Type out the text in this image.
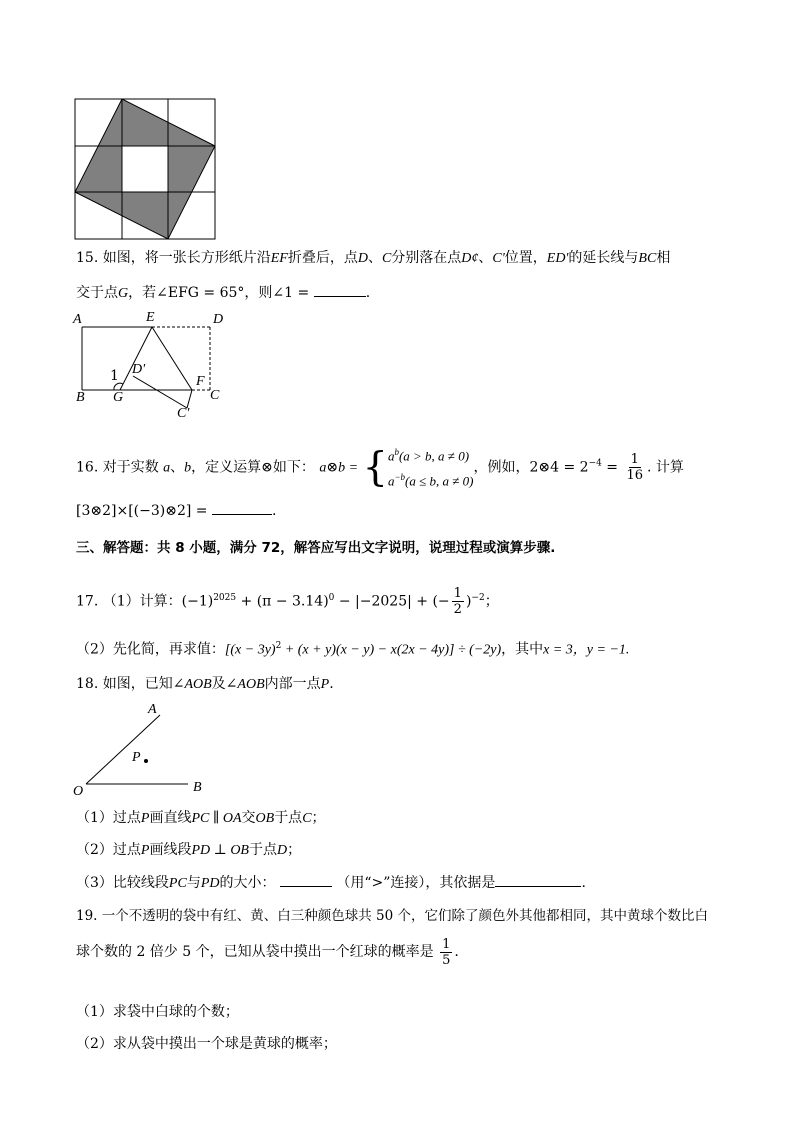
15. 如图，将一张长方形纸片沿EF折叠后，点D、C分别落在点D¢、C'位置，ED'的延长线与BC相
交于点G，若∠EFG = 65°，则∠1 =	.
A	E	D
D'
1	F
B G	C
C'
16. 对于实数 a、b，定义运算⊗如下： a⊗b = { $a^b(a > b$, a ≠ 0)
$a^{-b}(a \le b$, a ≠ 0)
，例如，2⊗4 = $2^{-4} = \frac{1}{16}$ . 计算
[3⊗2]×[(−3)⊗2] =	.
三、解答题：共 8 小题，满分 72，解答应写出文字说明，说理过程或演算步骤.
17. （1）计算：$(-1)^{2025} + (\pi - 3.14)^0 - |-2025|$ + (− $\frac{1}{2} )^{-2}$；
（2）先化简，再求值：$[(x - 3y)^2 + (x + y)(x - y) - x(2x - 4y)] \div (-2y)$，其中x = 3，y = −1.
18. 如图，已知∠AOB及∠AOB内部一点P.
A
P
O	B
（1）过点P画直线PC ∥ OA交OB于点C；
（2）过点P画线段PD ⊥ OB于点D；
（3）比较线段PC与PD的大小：	（用“>”连接），其依据是	.
19. 一个不透明的袋中有红、黄、白三种颜色球共 50 个，它们除了颜色外其他都相同，其中黄球个数比白
球个数的 2 倍少 5 个，已知从袋中摸出一个红球的概率是 $\frac{1}{5}$ .
（1）求袋中白球的个数；
（2）求从袋中摸出一个球是黄球的概率；
